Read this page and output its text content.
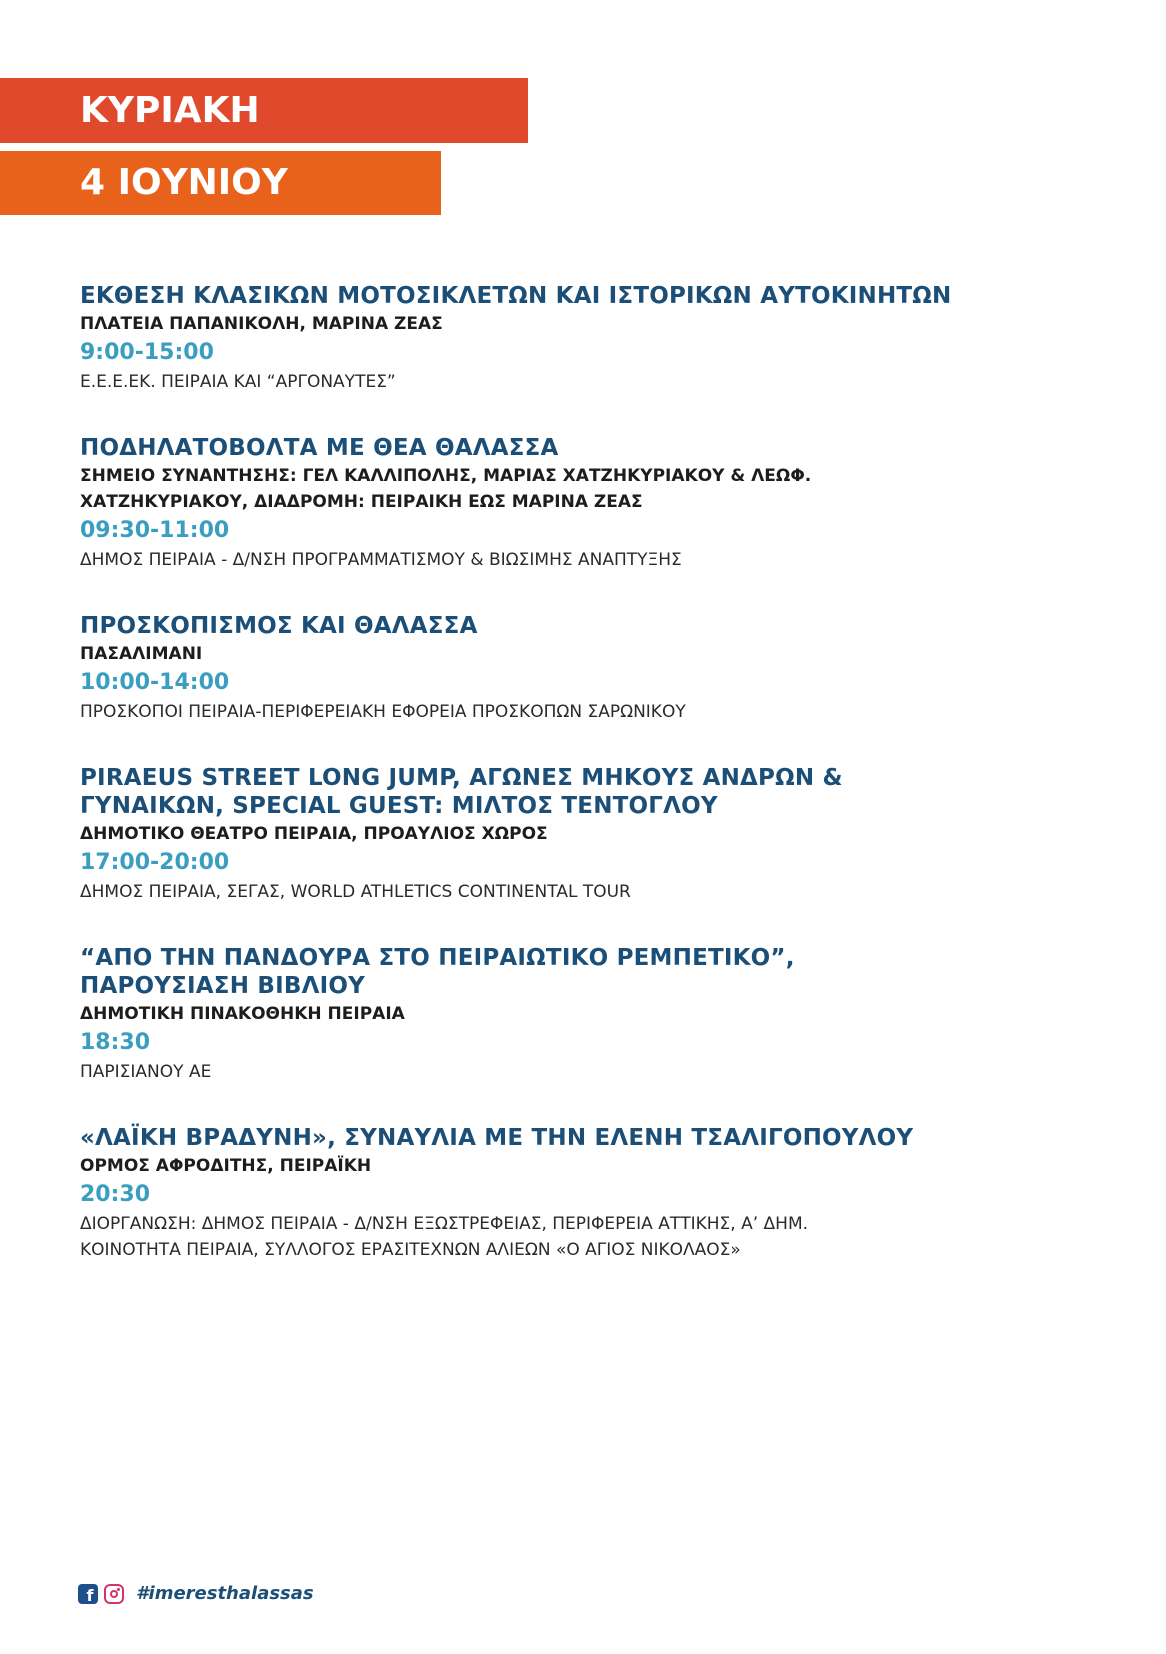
ΚΥΡΙΑΚΗ
4 ΙΟΥΝΙΟΥ
ΕΚΘΕΣΗ ΚΛΑΣΙΚΩΝ ΜΟΤΟΣΙΚΛΕΤΩΝ ΚΑΙ ΙΣΤΟΡΙΚΩΝ ΑΥΤΟΚΙΝΗΤΩΝ
ΠΛΑΤΕΙΑ ΠΑΠΑΝΙΚΟΛΗ, ΜΑΡΙΝΑ ΖΕΑΣ
9:00-15:00
Ε.Ε.Ε.ΕΚ. ΠΕΙΡΑΙΑ ΚΑΙ “ΑΡΓΟΝΑΥΤΕΣ”
ΠΟΔΗΛΑΤΟΒΟΛΤΑ ΜΕ ΘΕΑ ΘΑΛΑΣΣΑ
ΣΗΜΕΙΟ ΣΥΝΑΝΤΗΣΗΣ: ΓΕΛ ΚΑΛΛΙΠΟΛΗΣ, ΜΑΡΙΑΣ ΧΑΤΖΗΚΥΡΙΑΚΟΥ & ΛΕΩΦ.
ΧΑΤΖΗΚΥΡΙΑΚΟΥ, ΔΙΑΔΡΟΜΗ: ΠΕΙΡΑΙΚΗ ΕΩΣ ΜΑΡΙΝΑ ΖΕΑΣ
09:30-11:00
ΔΗΜΟΣ ΠΕΙΡΑΙΑ - Δ/ΝΣΗ ΠΡΟΓΡΑΜΜΑΤΙΣΜΟΥ & ΒΙΩΣΙΜΗΣ ΑΝΑΠΤΥΞΗΣ
ΠΡΟΣΚΟΠΙΣΜΟΣ ΚΑΙ ΘΑΛΑΣΣΑ
ΠΑΣΑΛΙΜΑΝΙ
10:00-14:00
ΠΡΟΣΚΟΠΟΙ ΠΕΙΡΑΙΑ-ΠΕΡΙΦΕΡΕΙΑΚΗ ΕΦΟΡΕΙΑ ΠΡΟΣΚΟΠΩΝ ΣΑΡΩΝΙΚΟΥ
PIRAEUS STREET LONG JUMP, ΑΓΩΝΕΣ ΜΗΚΟΥΣ ΑΝΔΡΩΝ &
ΓΥΝΑΙΚΩΝ, SPECIAL GUEST: ΜΙΛΤΟΣ ΤΕΝΤΟΓΛΟΥ
ΔΗΜΟΤΙΚΟ ΘΕΑΤΡΟ ΠΕΙΡΑΙΑ, ΠΡΟΑΥΛΙΟΣ ΧΩΡΟΣ
17:00-20:00
ΔΗΜΟΣ ΠΕΙΡΑΙΑ, ΣΕΓΑΣ, WORLD ATHLETICS CONTINENTAL TOUR
“ΑΠΟ ΤΗΝ ΠΑΝΔΟΥΡΑ ΣΤΟ ΠΕΙΡΑΙΩΤΙΚΟ ΡΕΜΠΕΤΙΚΟ”,
ΠΑΡΟΥΣΙΑΣΗ ΒΙΒΛΙΟΥ
ΔΗΜΟΤΙΚΗ ΠΙΝΑΚΟΘΗΚΗ ΠΕΙΡΑΙΑ
18:30
ΠΑΡΙΣΙΑΝΟΥ ΑΕ
«ΛΑΪΚΗ ΒΡΑΔΥΝΗ», ΣΥΝΑΥΛΙΑ ΜΕ ΤΗΝ ΕΛΕΝΗ ΤΣΑΛΙΓΟΠΟΥΛΟΥ
ΟΡΜΟΣ ΑΦΡΟΔΙΤΗΣ, ΠΕΙΡΑΪΚΗ
20:30
ΔΙΟΡΓΑΝΩΣΗ: ΔΗΜΟΣ ΠΕΙΡΑΙΑ - Δ/ΝΣΗ ΕΞΩΣΤΡΕΦΕΙΑΣ, ΠΕΡΙΦΕΡΕΙΑ ΑΤΤΙΚΗΣ, Α’ ΔΗΜ.
ΚΟΙΝΟΤΗΤΑ ΠΕΙΡΑΙΑ, ΣΥΛΛΟΓΟΣ ΕΡΑΣΙΤΕΧΝΩΝ ΑΛΙΕΩΝ «Ο ΑΓΙΟΣ ΝΙΚΟΛΑΟΣ»
f #imeresthalassas
